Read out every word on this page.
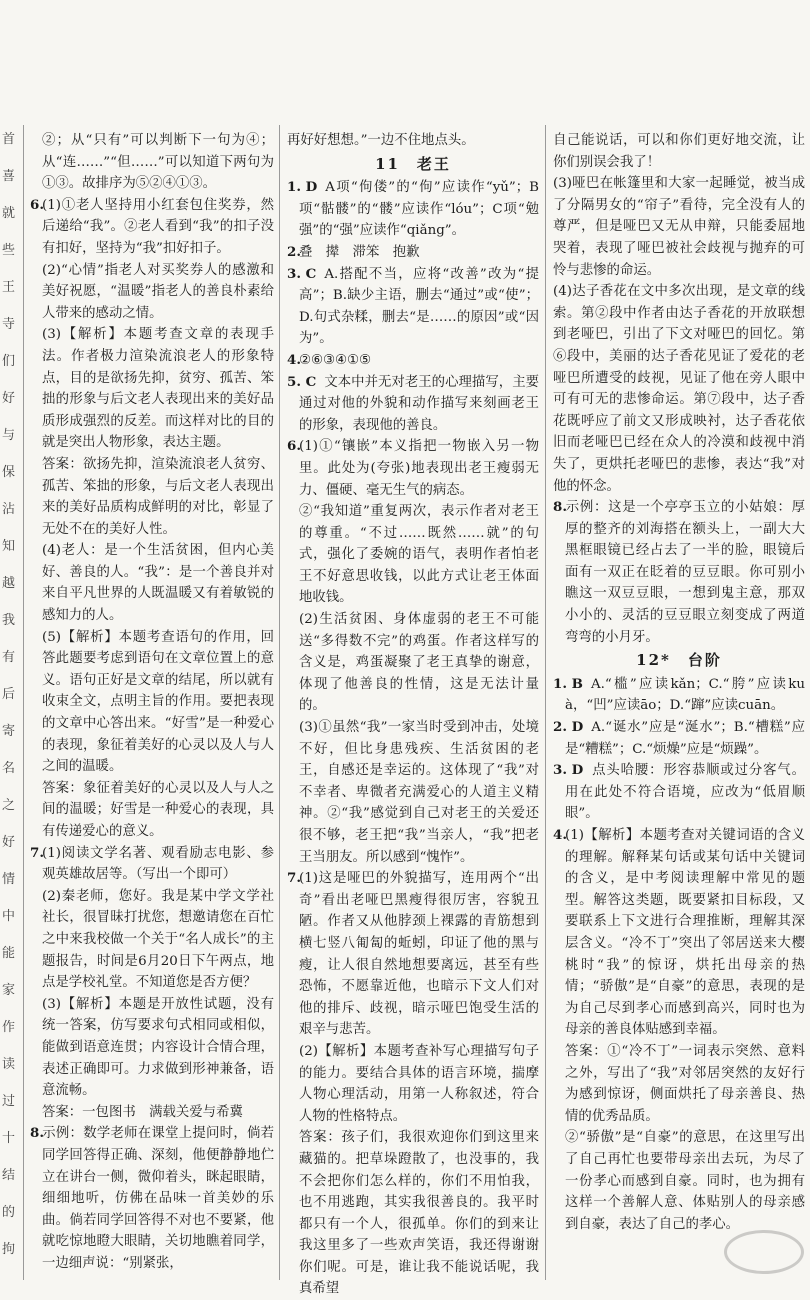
首
喜
就
些
王
寺
们
好
与
保
沾
知
越
我
有
后
寄
名
之
好
情
中
能
家
作
读
过
十
结
的
拘

②；从“只有”可以判断下一句为④；从“连……”“但……”可以知道下两句为①③。故排序为⑤②④①③。

6.(1)①老人坚持用小红套包住奖券，然后递给“我”。②老人看到“我”的扣子没有扣好，坚持为“我”扣好扣子。

(2)“心情”指老人对买奖券人的感激和美好祝愿，“温暖”指老人的善良朴素给人带来的感动之情。

(3)【解析】本题考查文章的表现手法。作者极力渲染流浪老人的形象特点，目的是欲扬先抑，贫穷、孤苦、笨拙的形象与后文老人表现出来的美好品质形成强烈的反差。而这样对比的目的就是突出人物形象，表达主题。

答案：欲扬先抑，渲染流浪老人贫穷、孤苦、笨拙的形象，与后文老人表现出来的美好品质构成鲜明的对比，彰显了无处不在的美好人性。

(4)老人：是一个生活贫困，但内心美好、善良的人。“我”：是一个善良并对来自平凡世界的人既温暖又有着敏锐的感知力的人。

(5)【解析】本题考查语句的作用，回答此题要考虑到语句在文章位置上的意义。语句正好是文章的结尾，所以就有收束全文，点明主旨的作用。要把表现的文章中心答出来。“好雪”是一种爱心的表现，象征着美好的心灵以及人与人之间的温暖。

答案：象征着美好的心灵以及人与人之间的温暖；好雪是一种爱心的表现，具有传递爱心的意义。

7.(1)阅读文学名著、观看励志电影、参观英雄故居等。（写出一个即可）

(2)秦老师，您好。我是某中学文学社社长，很冒昧打扰您，想邀请您在百忙之中来我校做一个关于“名人成长”的主题报告，时间是6月20日下午两点，地点是学校礼堂。不知道您是否方便？

(3)【解析】本题是开放性试题，没有统一答案，仿写要求句式相同或相似，能做到语意连贯；内容设计合情合理，表述正确即可。力求做到形神兼备，语意流畅。

答案：一包图书　满载关爱与希冀

8.示例：数学老师在课堂上提问时，倘若同学回答得正确、深刻，他便静静地伫立在讲台一侧，微仰着头，眯起眼睛，细细地听，仿佛在品味一首美妙的乐曲。倘若同学回答得不对也不要紧，他就吃惊地瞪大眼睛，关切地瞧着同学，一边细声说：“别紧张，

再好好想想。”一边不住地点头。

11　老王

1. D A项“佝偻”的“佝”应读作“yǔ”；B项“骷髅”的“髅”应读作“lóu”；C项“勉强”的“强”应读作“qiǎng”。

2.叠　撵　滞笨　抱歉

3. C A.搭配不当，应将“改善”改为“提高”；B.缺少主语，删去“通过”或“使”；D.句式杂糅，删去“是……的原因”或“因为”。

4.②⑥③④①⑤

5. C 文本中并无对老王的心理描写，主要通过对他的外貌和动作描写来刻画老王的形象，表现他的善良。

6.(1)①“镶嵌”本义指把一物嵌入另一物里。此处为(夸张)地表现出老王瘦弱无力、僵硬、毫无生气的病态。

②“我知道”重复两次，表示作者对老王的尊重。“不过……既然……就”的句式，强化了委婉的语气，表明作者怕老王不好意思收钱，以此方式让老王体面地收钱。

(2)生活贫困、身体虚弱的老王不可能送“多得数不完”的鸡蛋。作者这样写的含义是，鸡蛋凝聚了老王真挚的谢意，体现了他善良的性情，这是无法计量的。

(3)①虽然“我”一家当时受到冲击，处境不好，但比身患残疾、生活贫困的老王，自感还是幸运的。这体现了“我”对不幸者、卑微者充满爱心的人道主义精神。②“我”感觉到自己对老王的关爱还很不够，老王把“我”当亲人，“我”把老王当朋友。所以感到“愧怍”。

7.(1)这是哑巴的外貌描写，连用两个“出奇”看出老哑巴黑瘦得很厉害，容貌丑陋。作者又从他脖颈上裸露的青筋想到横七竖八匍匐的蚯蚓，印证了他的黑与瘦，让人很自然地想要离远，甚至有些恐怖，不愿靠近他，也暗示下文人们对他的排斥、歧视，暗示哑巴饱受生活的艰辛与悲苦。

(2)【解析】本题考查补写心理描写句子的能力。要结合具体的语言环境，揣摩人物心理活动，用第一人称叙述，符合人物的性格特点。

答案：孩子们，我很欢迎你们到这里来藏猫的。把草垛蹬散了，也没事的，我不会把你们怎么样的，你们不用怕我，也不用逃跑，其实我很善良的。我平时都只有一个人，很孤单。你们的到来让我这里多了一些欢声笑语，我还得谢谢你们呢。可是，谁让我不能说话呢，我真希望

自己能说话，可以和你们更好地交流，让你们别误会我了！

(3)哑巴在帐篷里和大家一起睡觉，被当成了分隔男女的“帘子”看待，完全没有人的尊严，但是哑巴又无从申辩，只能委屈地哭着，表现了哑巴被社会歧视与抛弃的可怜与悲惨的命运。

(4)达子香花在文中多次出现，是文章的线索。第②段中作者由达子香花的开放联想到老哑巴，引出了下文对哑巴的回忆。第⑥段中，美丽的达子香花见证了爱花的老哑巴所遭受的歧视，见证了他在旁人眼中可有可无的悲惨命运。第⑦段中，达子香花既呼应了前文又形成映衬，达子香花依旧而老哑巴已经在众人的冷漠和歧视中消失了，更烘托老哑巴的悲惨，表达“我”对他的怀念。

8.示例：这是一个亭亭玉立的小姑娘：厚厚的整齐的刘海搭在额头上，一副大大黑框眼镜已经占去了一半的脸，眼镜后面有一双正在眨着的豆豆眼。你可别小瞧这一双豆豆眼，一想到鬼主意，那双小小的、灵活的豆豆眼立刻变成了两道弯弯的小月牙。

12*　台阶

1. B A.“槛”应读kǎn；C.“胯”应读kuà，“凹”应读āo；D.“蹿”应读cuān。

2. D A.“诞水”应是“涎水”；B.“槽糕”应是“糟糕”；C.“烦燥”应是“烦躁”。

3. D 点头哈腰：形容恭顺或过分客气。用在此处不符合语境，应改为“低眉顺眼”。

4.(1)【解析】本题考查对关键词语的含义的理解。解释某句话或某句话中关键词的含义，是中考阅读理解中常见的题型。解答这类题，既要紧扣目标段，又要联系上下文进行合理推断，理解其深层含义。“冷不丁”突出了邻居送来大樱桃时“我”的惊讶，烘托出母亲的热情；“骄傲”是“自豪”的意思，表现的是为自己尽到孝心而感到高兴，同时也为母亲的善良体贴感到幸福。

答案：①“冷不丁”一词表示突然、意料之外，写出了“我”对邻居突然的友好行为感到惊讶，侧面烘托了母亲善良、热情的优秀品质。

②“骄傲”是“自豪”的意思，在这里写出了自己再忙也要带母亲出去玩，为尽了一份孝心而感到自豪。同时，也为拥有这样一个善解人意、体贴别人的母亲感到自豪，表达了自己的孝心。
